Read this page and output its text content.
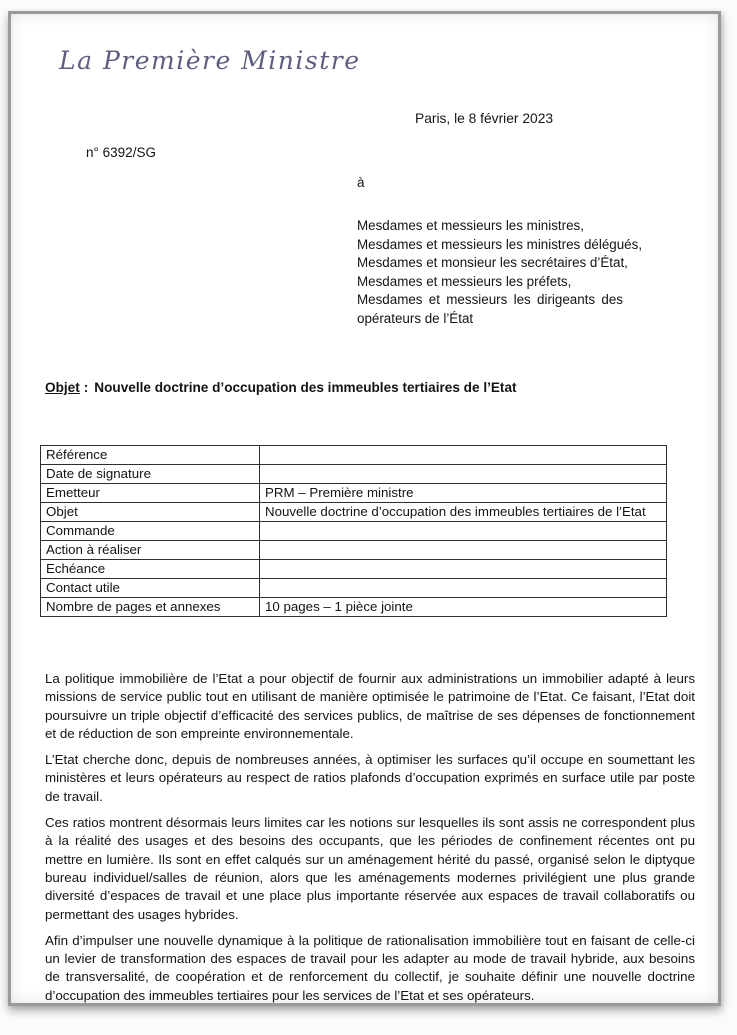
La Première Ministre
Paris, le 8 février 2023
n° 6392/SG
à
Mesdames et messieurs les ministres,
Mesdames et messieurs les ministres délégués,
Mesdames et monsieur les secrétaires d’État,
Mesdames et messieurs les préfets,
Mesdames et messieurs les dirigeants des opérateurs de l’État
Objet : Nouvelle doctrine d’occupation des immeubles tertiaires de l’Etat
Référence	
Date de signature	
Emetteur	PRM – Première ministre
Objet	Nouvelle doctrine d’occupation des immeubles tertiaires de l’Etat
Commande	
Action à réaliser	
Echéance	
Contact utile	
Nombre de pages et annexes	10 pages – 1 pièce jointe

La politique immobilière de l’Etat a pour objectif de fournir aux administrations un immobilier adapté à leurs missions de service public tout en utilisant de manière optimisée le patrimoine de l’Etat. Ce faisant, l’Etat doit poursuivre un triple objectif d’efficacité des services publics, de maîtrise de ses dépenses de fonctionnement et de réduction de son empreinte environnementale.

L’Etat cherche donc, depuis de nombreuses années, à optimiser les surfaces qu’il occupe en soumettant les ministères et leurs opérateurs au respect de ratios plafonds d’occupation exprimés en surface utile par poste de travail.

Ces ratios montrent désormais leurs limites car les notions sur lesquelles ils sont assis ne correspondent plus à la réalité des usages et des besoins des occupants, que les périodes de confinement récentes ont pu mettre en lumière. Ils sont en effet calqués sur un aménagement hérité du passé, organisé selon le diptyque bureau individuel/salles de réunion, alors que les aménagements modernes privilégient une plus grande diversité d’espaces de travail et une place plus importante réservée aux espaces de travail collaboratifs ou permettant des usages hybrides.

Afin d’impulser une nouvelle dynamique à la politique de rationalisation immobilière tout en faisant de celle-ci un levier de transformation des espaces de travail pour les adapter au mode de travail hybride, aux besoins de transversalité, de coopération et de renforcement du collectif, je souhaite définir une nouvelle doctrine d’occupation des immeubles tertiaires pour les services de l’Etat et ses opérateurs.
